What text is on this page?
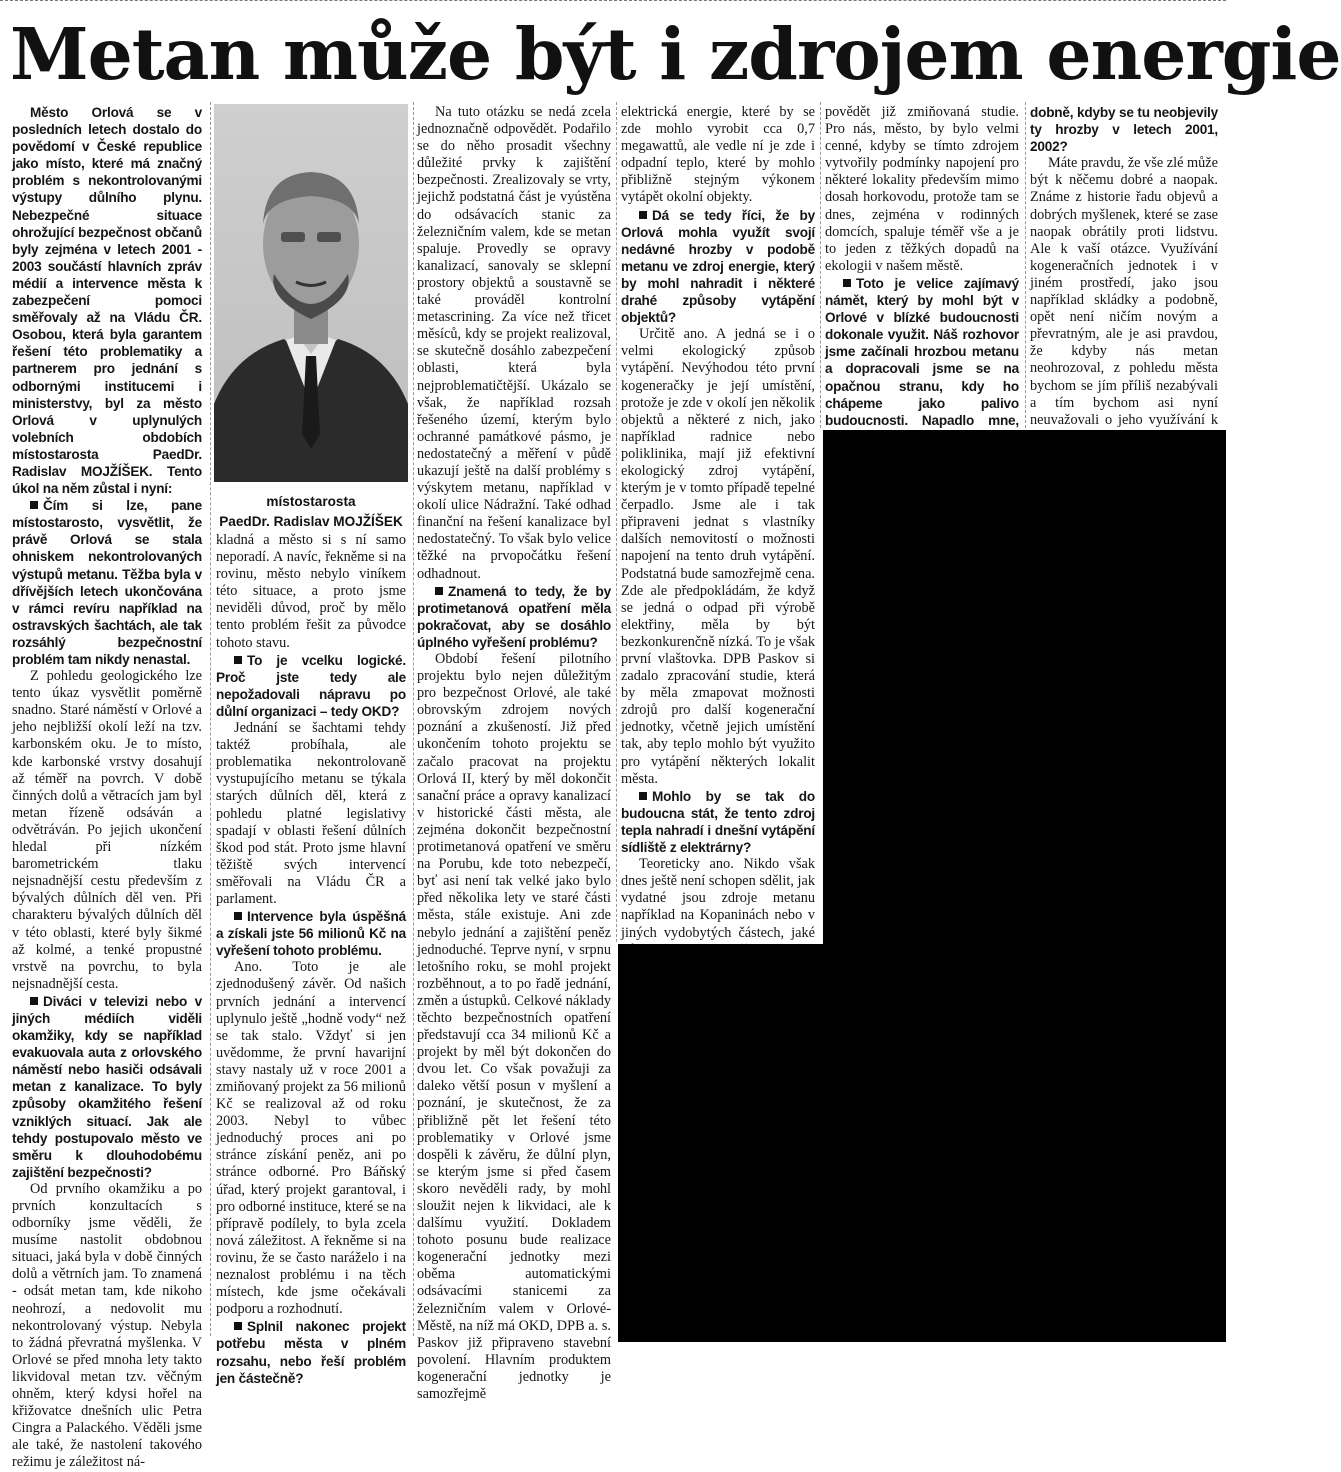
Metan může být i zdrojem energie

Město Orlová se v posledních letech dostalo do povědomí v České republice jako místo, které má značný problém s nekontrolovanými výstupy důlního plynu. Nebezpečné situace ohrožující bezpečnost občanů byly zejména v letech 2001 - 2003 součástí hlavních zpráv médií a intervence města k zabezpečení pomoci směřovaly až na Vládu ČR. Osobou, která byla garantem řešení této problematiky a partnerem pro jednání s odbornými institucemi i ministerstvy, byl za město Orlová v uplynulých volebních obdobích místostarosta PaedDr. Radislav MOJŽÍŠEK. Tento úkol na něm zůstal i nyní:

Čím si lze, pane místostarosto, vysvětlit, že právě Orlová se stala ohniskem nekontrolovaných výstupů metanu. Těžba byla v dřívějších letech ukončována v rámci revíru například na ostravských šachtách, ale tak rozsáhlý bezpečnostní problém tam nikdy nenastal.

Z pohledu geologického lze tento úkaz vysvětlit poměrně snadno. Staré náměstí v Orlové a jeho nejbližší okolí leží na tzv. karbonském oku. Je to místo, kde karbonské vrstvy dosahují až téměř na povrch. V době činných dolů a větracích jam byl metan řízeně odsáván a odvětráván. Po jejich ukončení hledal při nízkém barometrickém tlaku nejsnadnější cestu především z bývalých důlních děl ven. Při charakteru bývalých důlních děl v této oblasti, které byly šikmé až kolmé, a tenké propustné vrstvě na povrchu, to byla nejsnadnější cesta.

Diváci v televizi nebo v jiných médiích viděli okamžiky, kdy se například evakuovala auta z orlovského náměstí nebo hasiči odsávali metan z kanalizace. To byly způsoby okamžitého řešení vzniklých situací. Jak ale tehdy postupovalo město ve směru k dlouhodobému zajištění bezpečnosti?

Od prvního okamžiku a po prvních konzultacích s odborníky jsme věděli, že musíme nastolit obdobnou situaci, jaká byla v době činných dolů a větrních jam. To znamená - odsát metan tam, kde nikoho neohrozí, a nedovolit mu nekontrolovaný výstup. Nebyla to žádná převratná myšlenka. V Orlové se před mnoha lety takto likvidoval metan tzv. věčným ohněm, který kdysi hořel na křižovatce dnešních ulic Petra Cingra a Palackého. Věděli jsme ale také, že nastolení takového režimu je záležitost ná-

místostarosta
PaedDr. Radislav MOJŽÍŠEK

kladná a město si s ní samo neporadí. A navíc, řekněme si na rovinu, město nebylo viníkem této situace, a proto jsme neviděli důvod, proč by mělo tento problém řešit za původce tohoto stavu.

To je vcelku logické. Proč jste tedy ale nepožadovali nápravu po důlní organizaci – tedy OKD?

Jednání se šachtami tehdy taktéž probíhala, ale problematika nekontrolovaně vystupujícího metanu se týkala starých důlních děl, která z pohledu platné legislativy spadají v oblasti řešení důlních škod pod stát. Proto jsme hlavní těžiště svých intervencí směřovali na Vládu ČR a parlament.

Intervence byla úspěšná a získali jste 56 milionů Kč na vyřešení tohoto problému.

Ano. Toto je ale zjednodušený závěr. Od našich prvních jednání a intervencí uplynulo ještě „hodně vody“ než se tak stalo. Vždyť si jen uvědomme, že první havarijní stavy nastaly už v roce 2001 a zmiňovaný projekt za 56 milionů Kč se realizoval až od roku 2003. Nebyl to vůbec jednoduchý proces ani po stránce získání peněz, ani po stránce odborné. Pro Báňský úřad, který projekt garantoval, i pro odborné instituce, které se na přípravě podílely, to byla zcela nová záležitost. A řekněme si na rovinu, že se často naráželo i na neznalost problému i na těch místech, kde jsme očekávali podporu a rozhodnutí.

Splnil nakonec projekt potřebu města v plném rozsahu, nebo řeší problém jen částečně?

Na tuto otázku se nedá zcela jednoznačně odpovědět. Podařilo se do něho prosadit všechny důležité prvky k zajištění bezpečnosti. Zrealizovaly se vrty, jejichž podstatná část je vyústěna do odsávacích stanic za železničním valem, kde se metan spaluje. Provedly se opravy kanalizací, sanovaly se sklepní prostory objektů a soustavně se také prováděl kontrolní metascrining. Za více než třicet měsíců, kdy se projekt realizoval, se skutečně dosáhlo zabezpečení oblasti, která byla nejproblematičtější. Ukázalo se však, že například rozsah řešeného území, kterým bylo ochranné památkové pásmo, je nedostatečný a měření v půdě ukazují ještě na další problémy s výskytem metanu, například v okolí ulice Nádražní. Také odhad finanční na řešení kanalizace byl nedostatečný. To však bylo velice těžké na prvopočátku řešení odhadnout.

Znamená to tedy, že by protimetanová opatření měla pokračovat, aby se dosáhlo úplného vyřešení problému?

Období řešení pilotního projektu bylo nejen důležitým pro bezpečnost Orlové, ale také obrovským zdrojem nových poznání a zkušeností. Již před ukončením tohoto projektu se začalo pracovat na projektu Orlová II, který by měl dokončit sanační práce a opravy kanalizací v historické části města, ale zejména dokončit bezpečnostní protimetanová opatření ve směru na Porubu, kde toto nebezpečí, byť asi není tak velké jako bylo před několika lety ve staré části města, stále existuje. Ani zde nebylo jednání a zajištění peněz jednoduché. Teprve nyní, v srpnu letošního roku, se mohl projekt rozběhnout, a to po řadě jednání, změn a ústupků. Celkové náklady těchto bezpečnostních opatření představují cca 34 milionů Kč a projekt by měl být dokončen do dvou let. Co však považuji za daleko větší posun v myšlení a poznání, je skutečnost, že za přibližně pět let řešení této problematiky v Orlové jsme dospěli k závěru, že důlní plyn, se kterým jsme si před časem skoro nevěděli rady, by mohl sloužit nejen k likvidaci, ale k dalšímu využití. Dokladem tohoto posunu bude realizace kogenerační jednotky mezi oběma automatickými odsávacími stanicemi za železničním valem v Orlové-Městě, na níž má OKD, DPB a. s. Paskov již připraveno stavební povolení. Hlavním produktem kogenerační jednotky je samozřejmě

elektrická energie, které by se zde mohlo vyrobit cca 0,7 megawattů, ale vedle ní je zde i odpadní teplo, které by mohlo přibližně stejným výkonem vytápět okolní objekty.

Dá se tedy říci, že by Orlová mohla využít svojí nedávné hrozby v podobě metanu ve zdroj energie, který by mohl nahradit i některé drahé způsoby vytápění objektů?

Určitě ano. A jedná se i o velmi ekologický způsob vytápění. Nevýhodou této první kogeneračky je její umístění, protože je zde v okolí jen několik objektů a některé z nich, jako například radnice nebo poliklinika, mají již efektivní ekologický zdroj vytápění, kterým je v tomto případě tepelné čerpadlo. Jsme ale i tak připraveni jednat s vlastníky dalších nemovitostí o možnosti napojení na tento druh vytápění. Podstatná bude samozřejmě cena. Zde ale předpokládám, že když se jedná o odpad při výrobě elektřiny, měla by být bezkonkurenčně nízká. To je však první vlaštovka. DPB Paskov si zadalo zpracování studie, která by měla zmapovat možnosti zdrojů pro další kogenerační jednotky, včetně jejich umístění tak, aby teplo mohlo být využito pro vytápění některých lokalit města.

Mohlo by se tak do budoucna stát, že tento zdroj tepla nahradí i dnešní vytápění sídliště z elektrárny?

Teoreticky ano. Nikdo však dnes ještě není schopen sdělit, jak vydatné jsou zdroje metanu například na Kopaninách nebo v jiných vydobytých částech, jaké

povědět již zmiňovaná studie. Pro nás, město, by bylo velmi cenné, kdyby se tímto zdrojem vytvořily podmínky napojení pro některé lokality především mimo dosah horkovodu, protože tam se dnes, zejména v rodinných domcích, spaluje téměř vše a je to jeden z těžkých dopadů na ekologii v našem městě.

Toto je velice zajímavý námět, který by mohl být v Orlové v blízké budoucnosti dokonale využit. Náš rozhovor jsme začínali hrozbou metanu a dopracovali jsme se na opačnou stranu, kdy ho chápeme jako palivo budoucnosti. Napadlo mne,

dobně, kdyby se tu neobjevily ty hrozby v letech 2001, 2002?

Máte pravdu, že vše zlé může být k něčemu dobré a naopak. Známe z historie řadu objevů a dobrých myšlenek, které se zase naopak obrátily proti lidstvu. Ale k vaší otázce. Využívání kogeneračních jednotek i v jiném prostředí, jako jsou například skládky a podobně, opět není ničím novým a převratným, ale je asi pravdou, že kdyby nás metan neohrozoval, z pohledu města bychom se jím příliš nezabývali a tím bychom asi nyní neuvažovali o jeho využívání k
